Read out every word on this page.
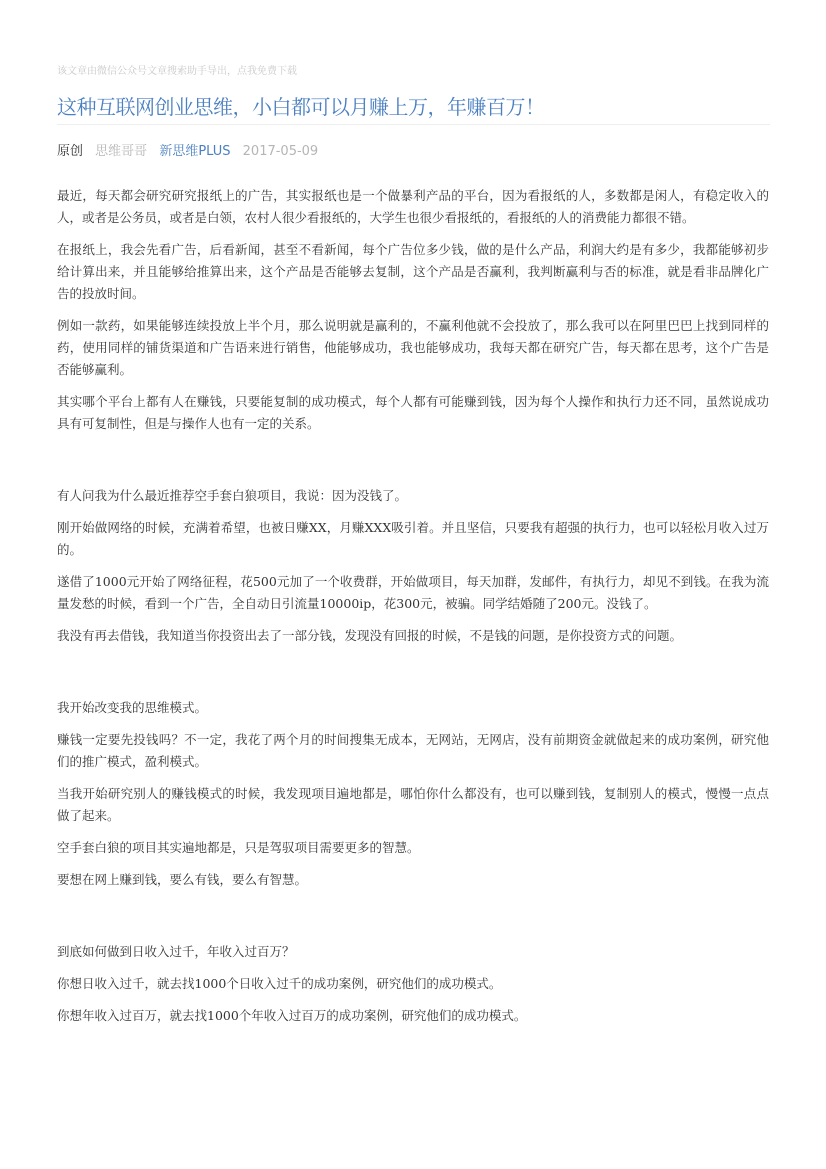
该文章由微信公众号文章搜索助手导出，点我免费下载
这种互联网创业思维，小白都可以月赚上万，年赚百万！
原创 思维哥哥 新思维PLUS 2017-05-09

最近，每天都会研究研究报纸上的广告，其实报纸也是一个做暴利产品的平台，因为看报纸的人，多数都是闲人，有稳定收入的人，或者是公务员，或者是白领，农村人很少看报纸的，大学生也很少看报纸的，看报纸的人的消费能力都很不错。

在报纸上，我会先看广告，后看新闻，甚至不看新闻，每个广告位多少钱，做的是什么产品，利润大约是有多少，我都能够初步给计算出来，并且能够给推算出来，这个产品是否能够去复制，这个产品是否赢利，我判断赢利与否的标准，就是看非品牌化广告的投放时间。

例如一款药，如果能够连续投放上半个月，那么说明就是赢利的，不赢利他就不会投放了，那么我可以在阿里巴巴上找到同样的药，使用同样的铺货渠道和广告语来进行销售，他能够成功，我也能够成功，我每天都在研究广告，每天都在思考，这个广告是否能够赢利。

其实哪个平台上都有人在赚钱，只要能复制的成功模式，每个人都有可能赚到钱，因为每个人操作和执行力还不同，虽然说成功具有可复制性，但是与操作人也有一定的关系。

有人问我为什么最近推荐空手套白狼项目，我说：因为没钱了。

刚开始做网络的时候，充满着希望，也被日赚XX，月赚XXX吸引着。并且坚信，只要我有超强的执行力，也可以轻松月收入过万的。

遂借了1000元开始了网络征程，花500元加了一个收费群，开始做项目，每天加群，发邮件，有执行力，却见不到钱。在我为流量发愁的时候，看到一个广告，全自动日引流量10000ip，花300元，被骗。同学结婚随了200元。没钱了。

我没有再去借钱，我知道当你投资出去了一部分钱，发现没有回报的时候，不是钱的问题，是你投资方式的问题。

我开始改变我的思维模式。

赚钱一定要先投钱吗？不一定，我花了两个月的时间搜集无成本，无网站，无网店，没有前期资金就做起来的成功案例，研究他们的推广模式，盈利模式。

当我开始研究别人的赚钱模式的时候，我发现项目遍地都是，哪怕你什么都没有，也可以赚到钱，复制别人的模式，慢慢一点点做了起来。

空手套白狼的项目其实遍地都是，只是驾驭项目需要更多的智慧。

要想在网上赚到钱，要么有钱，要么有智慧。

到底如何做到日收入过千，年收入过百万？

你想日收入过千，就去找1000个日收入过千的成功案例，研究他们的成功模式。

你想年收入过百万，就去找1000个年收入过百万的成功案例，研究他们的成功模式。
